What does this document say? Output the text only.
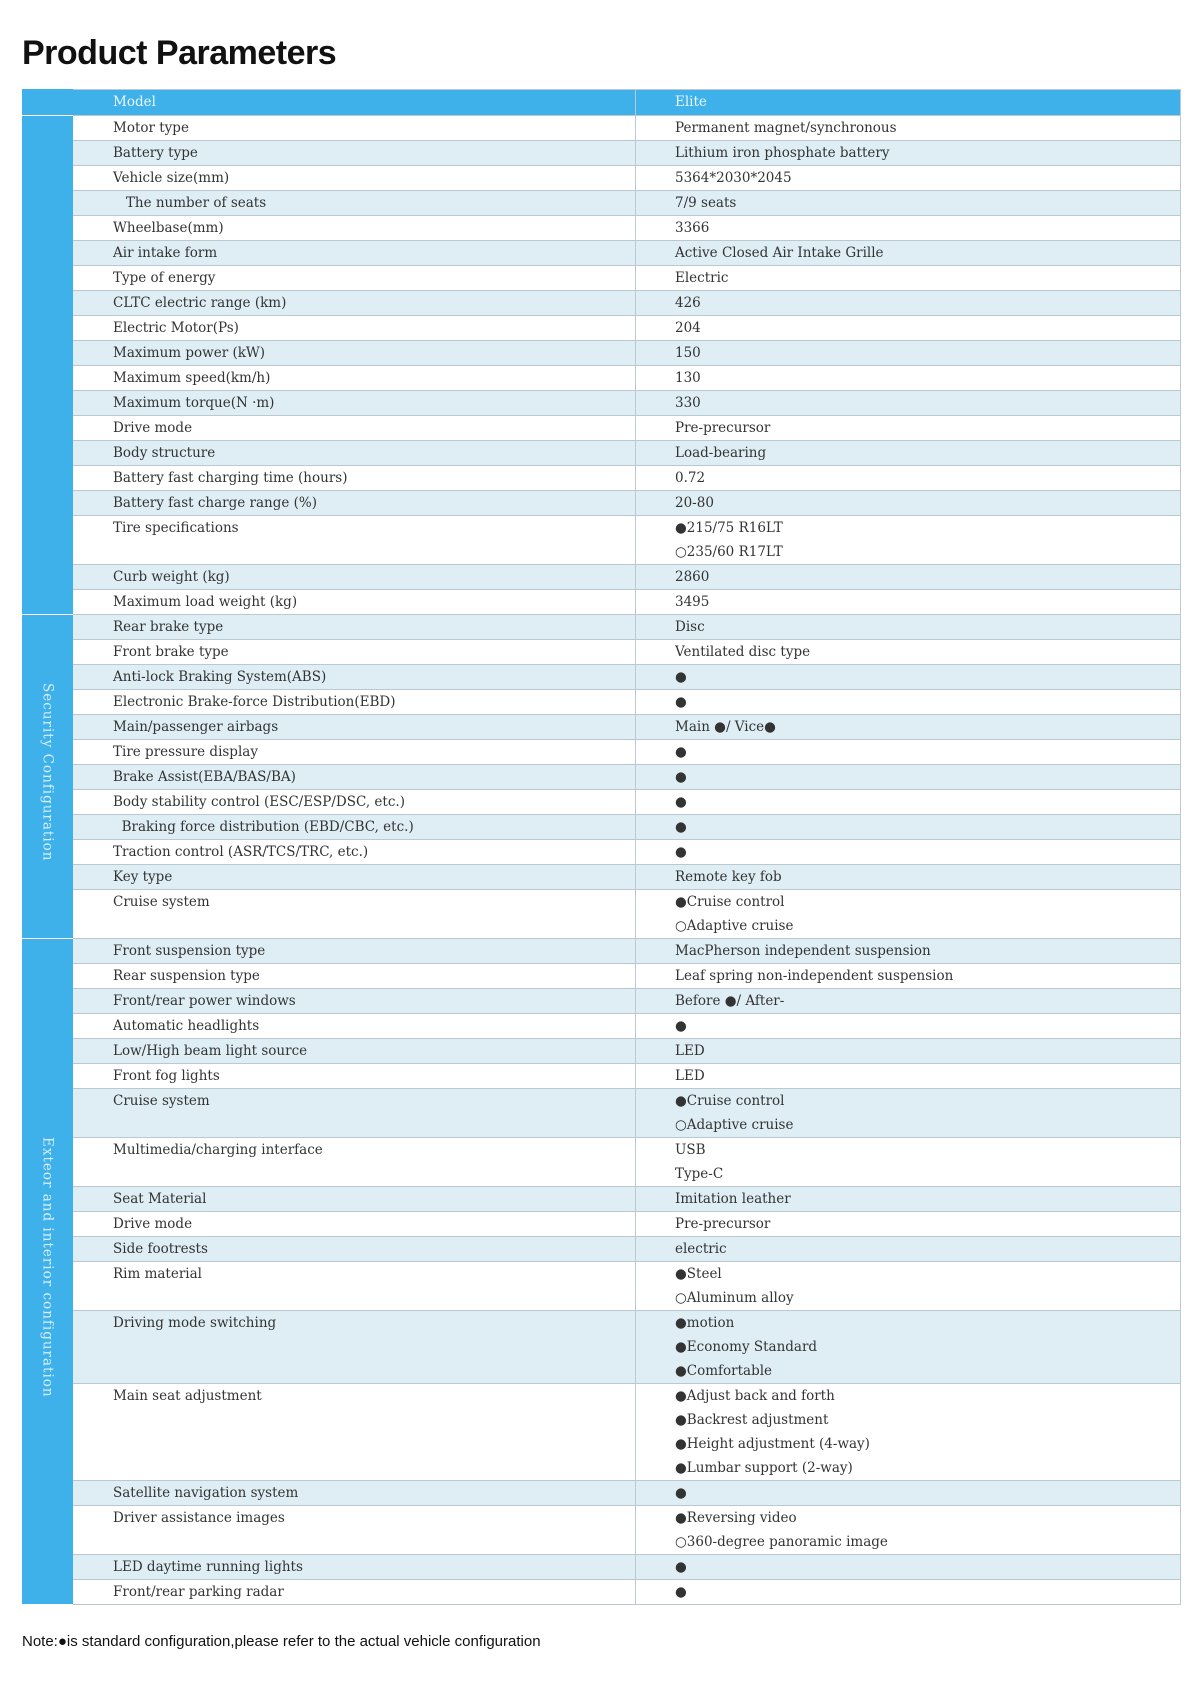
Product Parameters
	Model	Elite
	Motor type	Permanent magnet/synchronous

	Battery type	Lithium iron phosphate battery

	Vehicle size(mm)	5364*2030*2045

	The number of seats	7/9 seats

	Wheelbase(mm)	3366

	Air intake form	Active Closed Air Intake Grille

	Type of energy	Electric

	CLTC electric range (km)	426

	Electric Motor(Ps)	204

	Maximum power (kW)	150

	Maximum speed(km/h)	130

	Maximum torque(N ·m)	330

	Drive mode	Pre-precursor

	Body structure	Load-bearing

	Battery fast charging time (hours)	0.72

	Battery fast charge range (%)	20-80

	Tire specifications	●215/75 R16LT
○235/60 R17LT

	Curb weight (kg)	2860

	Maximum load weight (kg)	3495

Security Configuration	Rear brake type	Disc

	Front brake type	Ventilated disc type

	Anti-lock Braking System(ABS)	●

	Electronic Brake-force Distribution(EBD)	●

	Main/passenger airbags	Main ●/ Vice●

	Tire pressure display	●

	Brake Assist(EBA/BAS/BA)	●

	Body stability control (ESC/ESP/DSC, etc.)	●

	Braking force distribution (EBD/CBC, etc.)	●

	Traction control (ASR/TCS/TRC, etc.)	●

	Key type	Remote key fob

	Cruise system	●Cruise control
○Adaptive cruise

Exteor and interior configuration	Front suspension type	MacPherson independent suspension

	Rear suspension type	Leaf spring non-independent suspension

	Front/rear power windows	Before ●/ After-

	Automatic headlights	●

	Low/High beam light source	LED

	Front fog lights	LED

	Cruise system	●Cruise control
○Adaptive cruise

	Multimedia/charging interface	USB
Type-C

	Seat Material	Imitation leather

	Drive mode	Pre-precursor

	Side footrests	electric

	Rim material	●Steel
○Aluminum alloy

	Driving mode switching	●motion
●Economy Standard
●Comfortable

	Main seat adjustment	●Adjust back and forth
●Backrest adjustment
●Height adjustment (4-way)
●Lumbar support (2-way)

	Satellite navigation system	●

	Driver assistance images	●Reversing video
○360-degree panoramic image

	LED daytime running lights	●

	Front/rear parking radar	●
Note:●is standard configuration,please refer to the actual vehicle configuration
